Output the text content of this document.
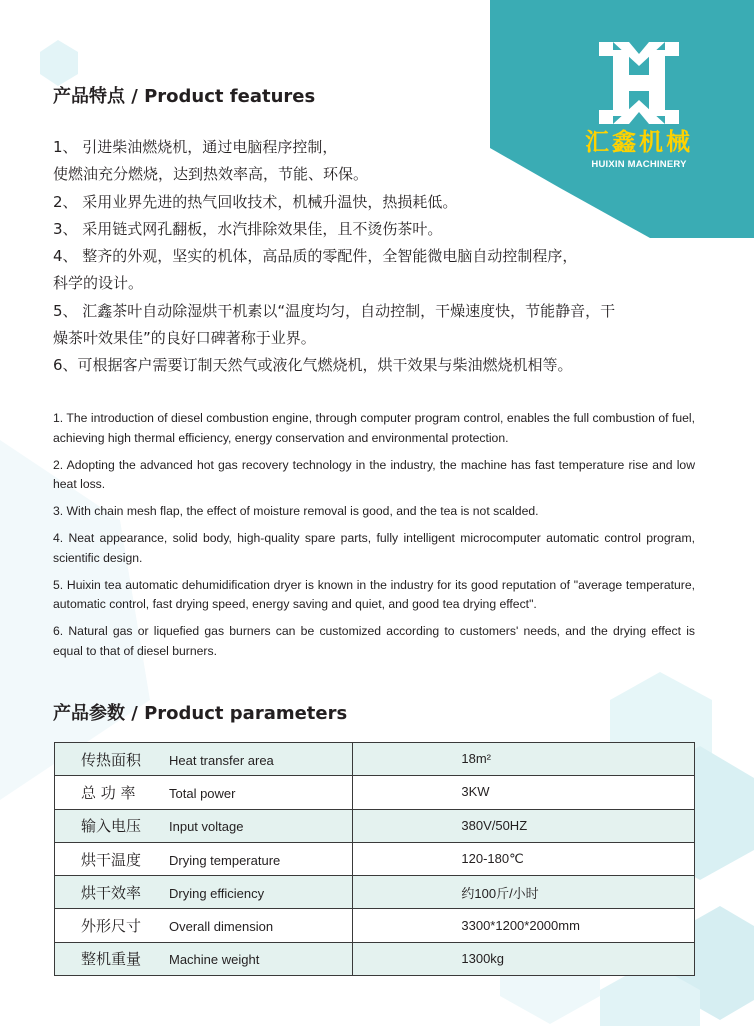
汇鑫机械
HUIXIN MACHINERY
产品特点 / Product features
1、 引进柴油燃烧机，通过电脑程序控制，
使燃油充分燃烧，达到热效率高，节能、环保。
2、 采用业界先进的热气回收技术，机械升温快，热损耗低。
3、 采用链式网孔翻板，水汽排除效果佳，且不烫伤茶叶。
4、 整齐的外观，坚实的机体，高品质的零配件，全智能微电脑自动控制程序，
科学的设计。
5、 汇鑫茶叶自动除湿烘干机素以“温度均匀，自动控制，干燥速度快，节能静音，干
燥茶叶效果佳”的良好口碑著称于业界。
6、可根据客户需要订制天然气或液化气燃烧机，烘干效果与柴油燃烧机相等。
1. The introduction of diesel combustion engine, through computer program control, enables the full combustion of fuel, achieving high thermal efficiency, energy conservation and environmental protection.
2. Adopting the advanced hot gas recovery technology in the industry, the machine has fast temperature rise and low heat loss.
3. With chain mesh flap, the effect of moisture removal is good, and the tea is not scalded.
4. Neat appearance, solid body, high-quality spare parts, fully intelligent microcomputer automatic control program, scientific design.
5. Huixin tea automatic dehumidification dryer is known in the industry for its good reputation of "average temperature, automatic control, fast drying speed, energy saving and quiet, and good tea drying effect".
6. Natural gas or liquefied gas burners can be customized according to customers' needs, and the drying effect is equal to that of diesel burners.
产品参数 / Product parameters
传热面积 Heat transfer area	18m²
总 功 率 Total power	3KW
输入电压 Input voltage	380V/50HZ
烘干温度 Drying temperature	120-180℃
烘干效率 Drying efficiency	约100斤/小时
外形尺寸 Overall dimension	3300*1200*2000mm
整机重量 Machine weight	1300kg
